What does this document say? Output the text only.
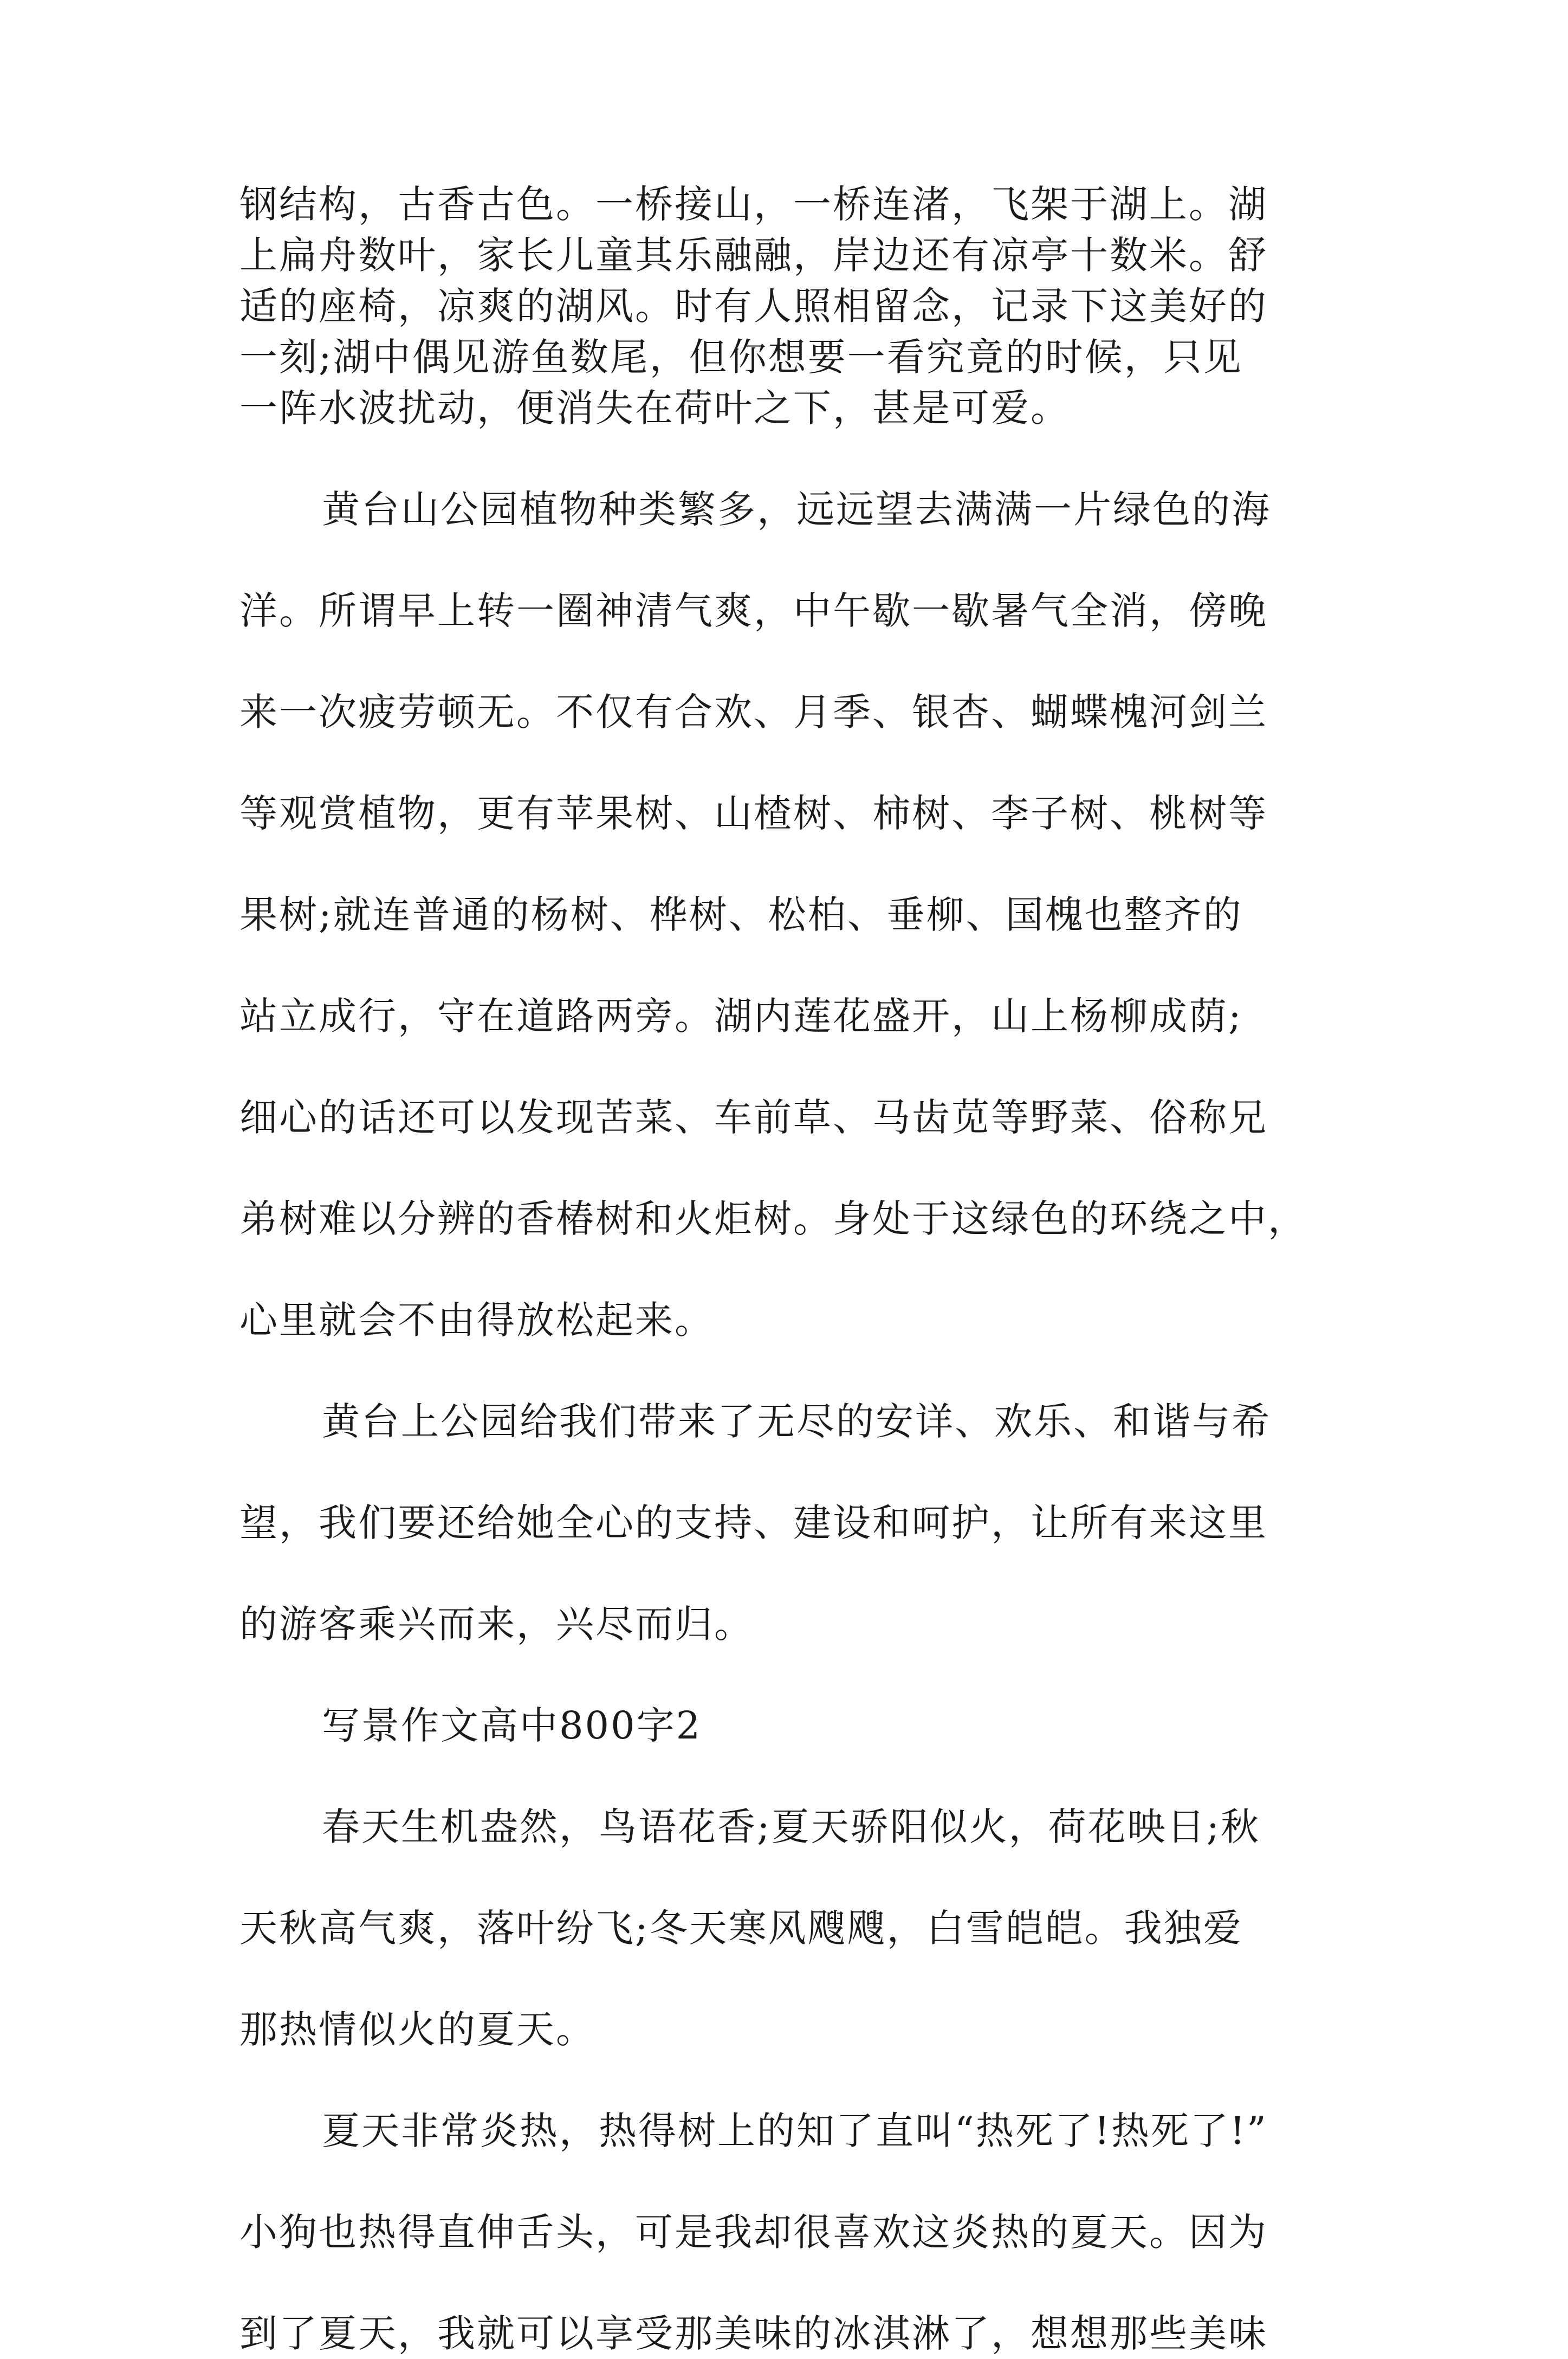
钢结构，古香古色。一桥接山，一桥连渚，飞架于湖上。湖
上扁舟数叶，家长儿童其乐融融，岸边还有凉亭十数米。舒
适的座椅，凉爽的湖风。时有人照相留念，记录下这美好的
一刻;湖中偶见游鱼数尾，但你想要一看究竟的时候，只见
一阵水波扰动，便消失在荷叶之下，甚是可爱。
黄台山公园植物种类繁多，远远望去满满一片绿色的海
洋。所谓早上转一圈神清气爽，中午歇一歇暑气全消，傍晚
来一次疲劳顿无。不仅有合欢、月季、银杏、蝴蝶槐河剑兰
等观赏植物，更有苹果树、山楂树、柿树、李子树、桃树等
果树;就连普通的杨树、桦树、松柏、垂柳、国槐也整齐的
站立成行，守在道路两旁。湖内莲花盛开，山上杨柳成荫;
细心的话还可以发现苦菜、车前草、马齿苋等野菜、俗称兄
弟树难以分辨的香椿树和火炬树。身处于这绿色的环绕之中，
心里就会不由得放松起来。
黄台上公园给我们带来了无尽的安详、欢乐、和谐与希
望，我们要还给她全心的支持、建设和呵护，让所有来这里
的游客乘兴而来，兴尽而归。
写景作文高中800字2
春天生机盎然，鸟语花香;夏天骄阳似火，荷花映日;秋
天秋高气爽，落叶纷飞;冬天寒风飕飕，白雪皑皑。我独爱
那热情似火的夏天。
夏天非常炎热，热得树上的知了直叫“热死了!热死了!”
小狗也热得直伸舌头，可是我却很喜欢这炎热的夏天。因为
到了夏天，我就可以享受那美味的冰淇淋了，想想那些美味
